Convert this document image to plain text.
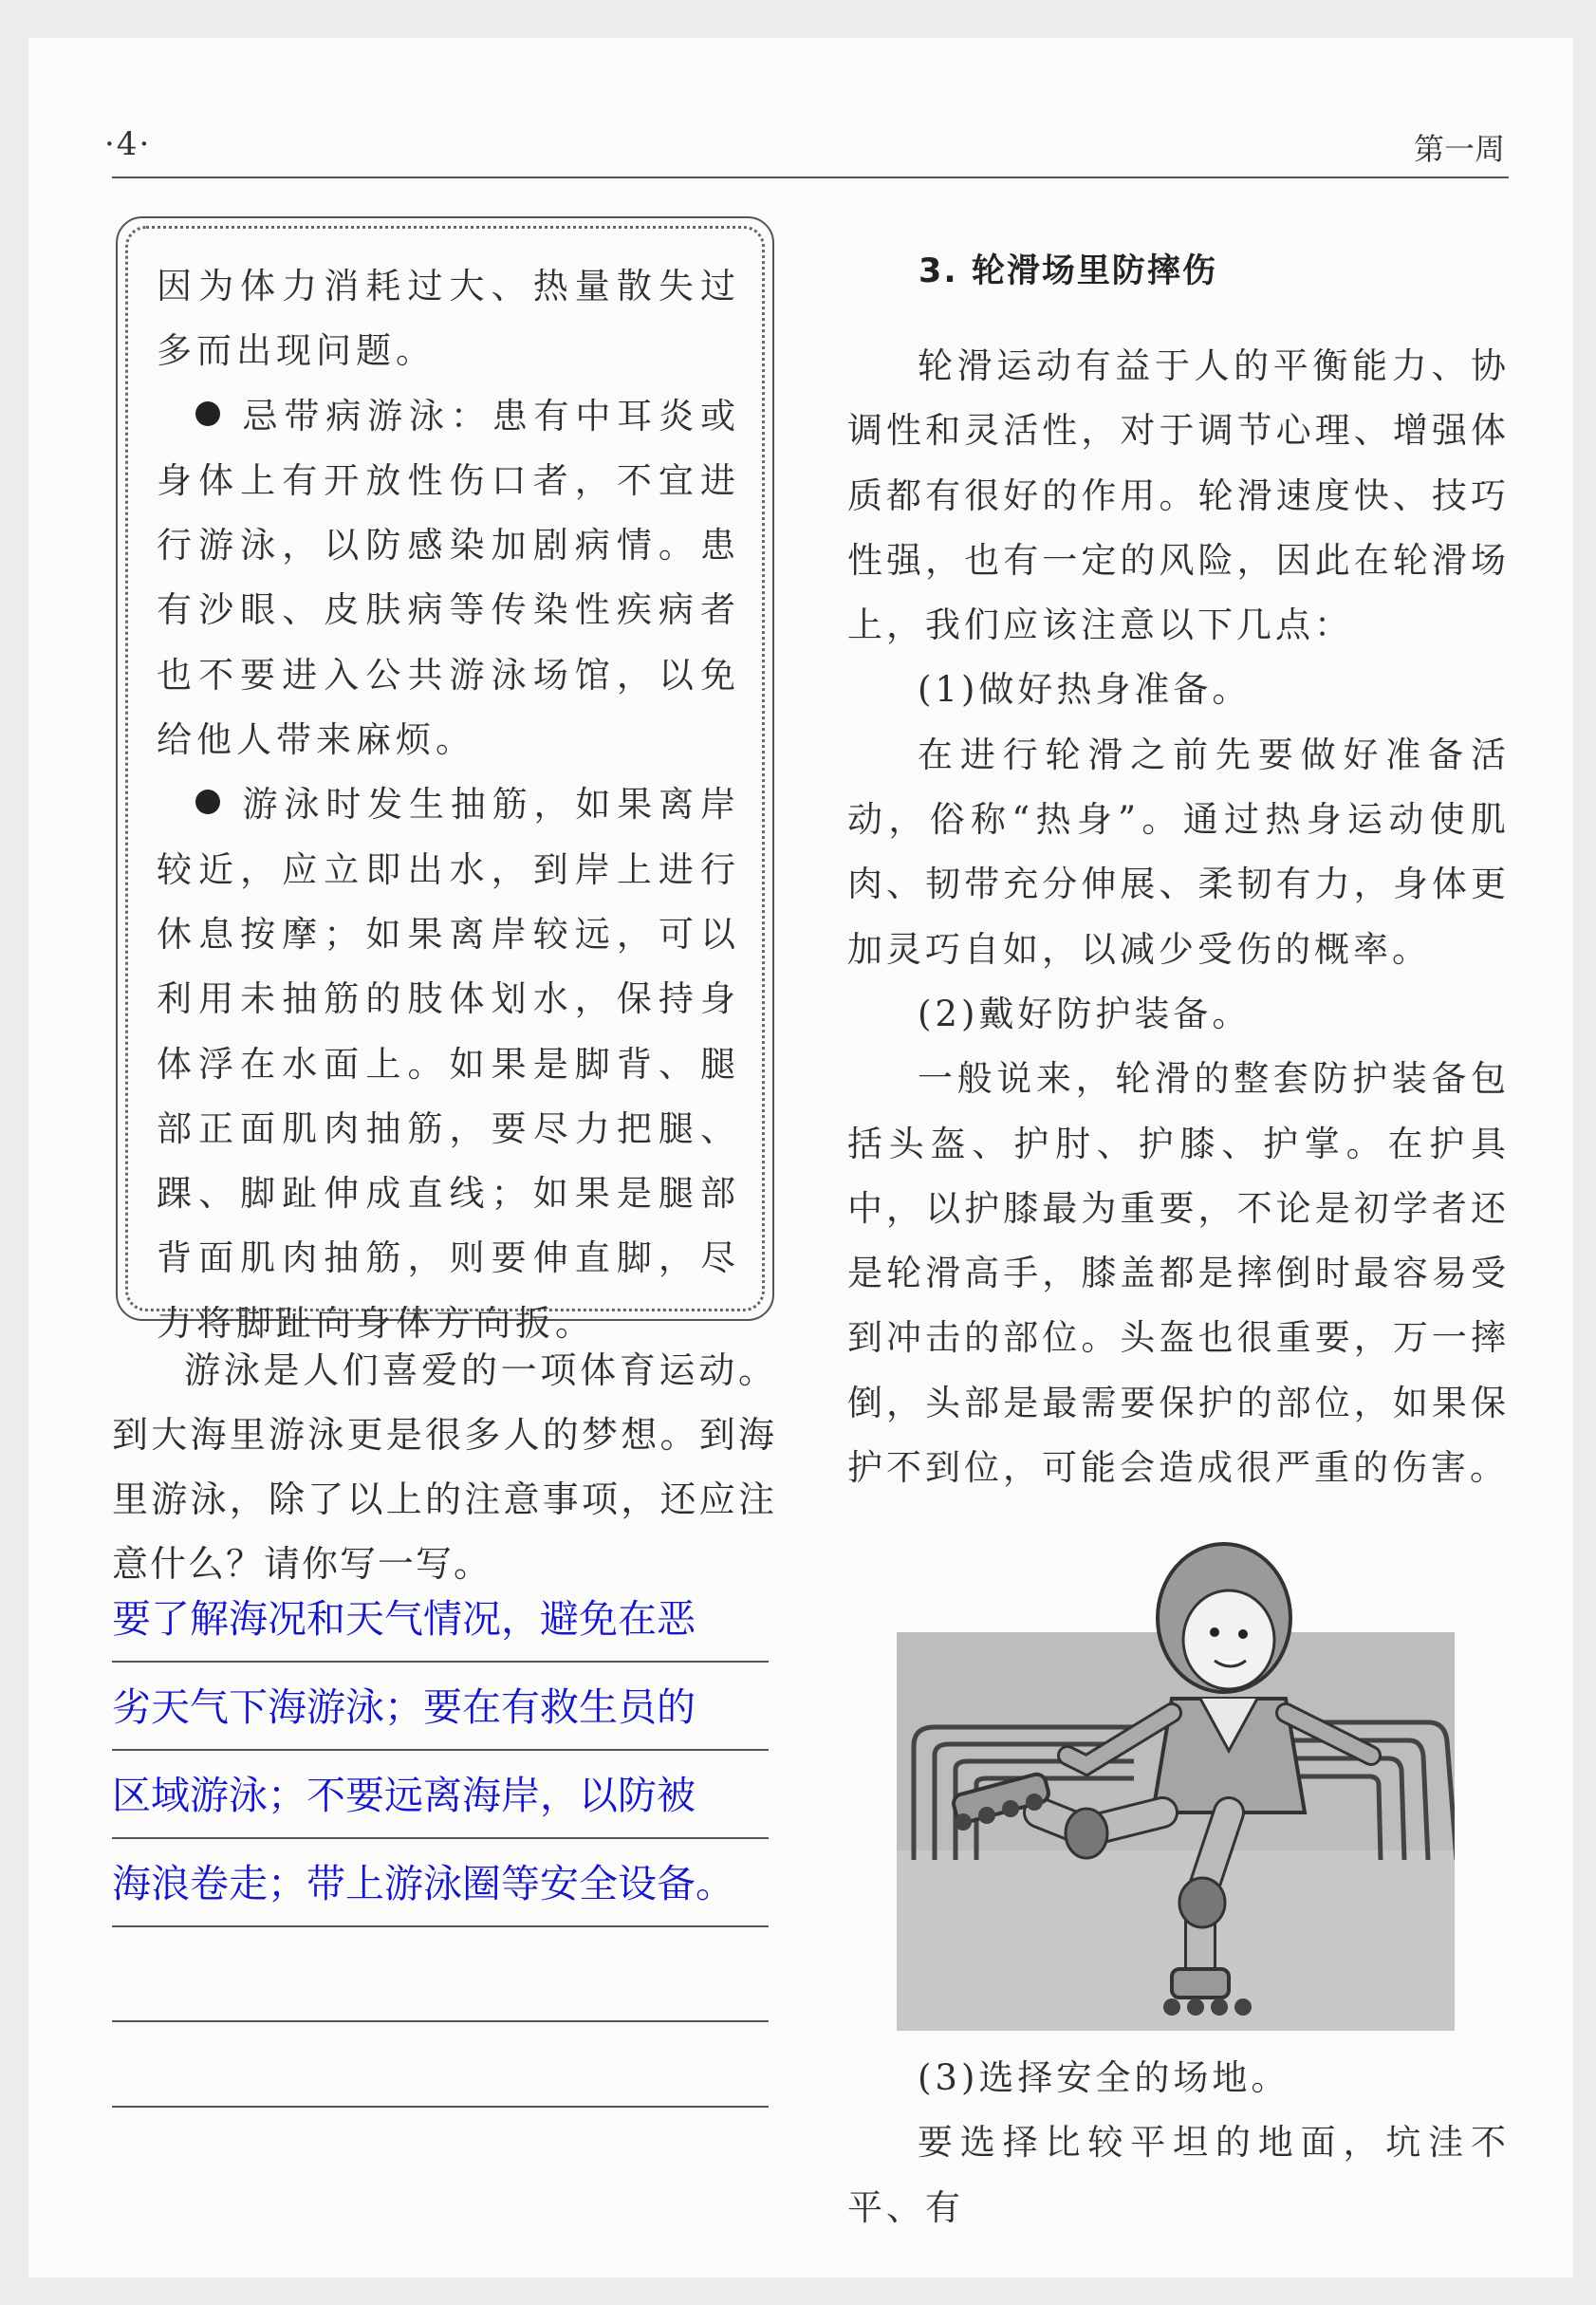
·4·	第一周

因为体力消耗过大、热量散失过多而出现问题。

忌带病游泳：患有中耳炎或身体上有开放性伤口者，不宜进行游泳，以防感染加剧病情。患有沙眼、皮肤病等传染性疾病者也不要进入公共游泳场馆，以免给他人带来麻烦。

游泳时发生抽筋，如果离岸较近，应立即出水，到岸上进行休息按摩；如果离岸较远，可以利用未抽筋的肢体划水，保持身体浮在水面上。如果是脚背、腿部正面肌肉抽筋，要尽力把腿、踝、脚趾伸成直线；如果是腿部背面肌肉抽筋，则要伸直脚，尽力将脚趾向身体方向扳。

游泳是人们喜爱的一项体育运动。到大海里游泳更是很多人的梦想。到海里游泳，除了以上的注意事项，还应注意什么？请你写一写。

要了解海况和天气情况，避免在恶
劣天气下海游泳；要在有救生员的
区域游泳；不要远离海岸，以防被
海浪卷走；带上游泳圈等安全设备。
3. 轮滑场里防摔伤

轮滑运动有益于人的平衡能力、协调性和灵活性，对于调节心理、增强体质都有很好的作用。轮滑速度快、技巧性强，也有一定的风险，因此在轮滑场上，我们应该注意以下几点：

(1)做好热身准备。

在进行轮滑之前先要做好准备活动，俗称“热身”。通过热身运动使肌肉、韧带充分伸展、柔韧有力，身体更加灵巧自如，以减少受伤的概率。

(2)戴好防护装备。

一般说来，轮滑的整套防护装备包括头盔、护肘、护膝、护掌。在护具中，以护膝最为重要，不论是初学者还是轮滑高手，膝盖都是摔倒时最容易受到冲击的部位。头盔也很重要，万一摔倒，头部是最需要保护的部位，如果保护不到位，可能会造成很严重的伤害。

(3)选择安全的场地。

要选择比较平坦的地面，坑洼不平、有
